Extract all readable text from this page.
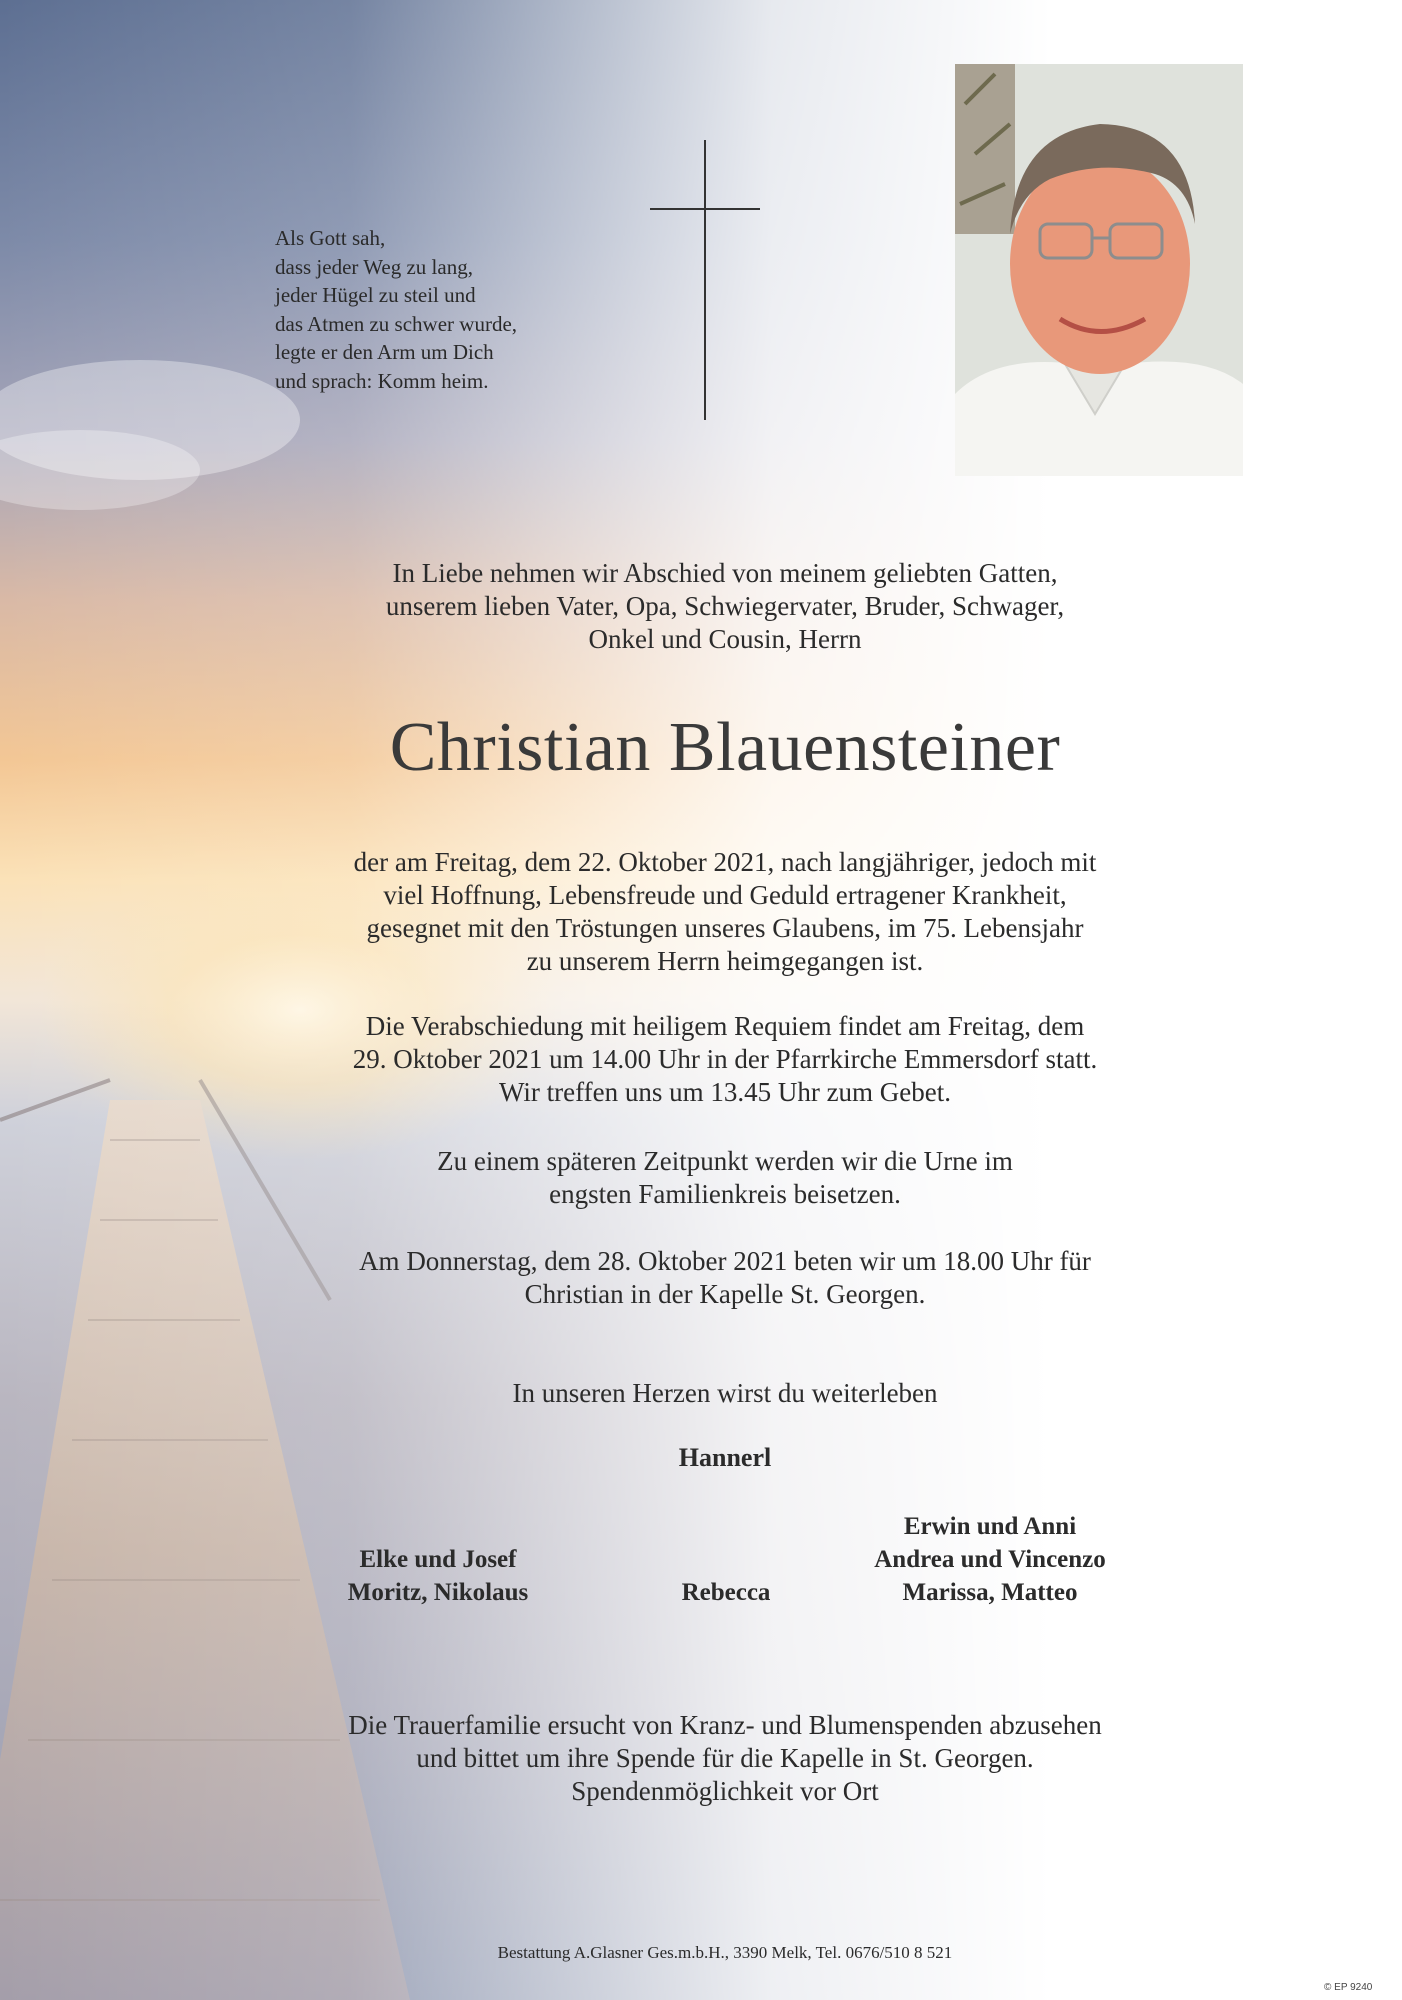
Als Gott sah,
dass jeder Weg zu lang,
jeder Hügel zu steil und
das Atmen zu schwer wurde,
legte er den Arm um Dich
und sprach: Komm heim.
In Liebe nehmen wir Abschied von meinem geliebten Gatten,
unserem lieben Vater, Opa, Schwiegervater, Bruder, Schwager,
Onkel und Cousin, Herrn
Christian Blauensteiner
der am Freitag, dem 22. Oktober 2021, nach langjähriger, jedoch mit
viel Hoffnung, Lebensfreude und Geduld ertragener Krankheit,
gesegnet mit den Tröstungen unseres Glaubens, im 75. Lebensjahr
zu unserem Herrn heimgegangen ist.
Die Verabschiedung mit heiligem Requiem findet am Freitag, dem
29. Oktober 2021 um 14.00 Uhr in der Pfarrkirche Emmersdorf statt.
Wir treffen uns um 13.45 Uhr zum Gebet.
Zu einem späteren Zeitpunkt werden wir die Urne im
engsten Familienkreis beisetzen.
Am Donnerstag, dem 28. Oktober 2021 beten wir um 18.00 Uhr für
Christian in der Kapelle St. Georgen.
In unseren Herzen wirst du weiterleben
Hannerl
Elke und Josef
Moritz, Nikolaus	Rebecca
Erwin und Anni
Andrea und Vincenzo
Marissa, Matteo
Die Trauerfamilie ersucht von Kranz- und Blumenspenden abzusehen
und bittet um ihre Spende für die Kapelle in St. Georgen.
Spendenmöglichkeit vor Ort
Bestattung A.Glasner Ges.m.b.H., 3390 Melk, Tel. 0676/510 8 521
© EP 9240
